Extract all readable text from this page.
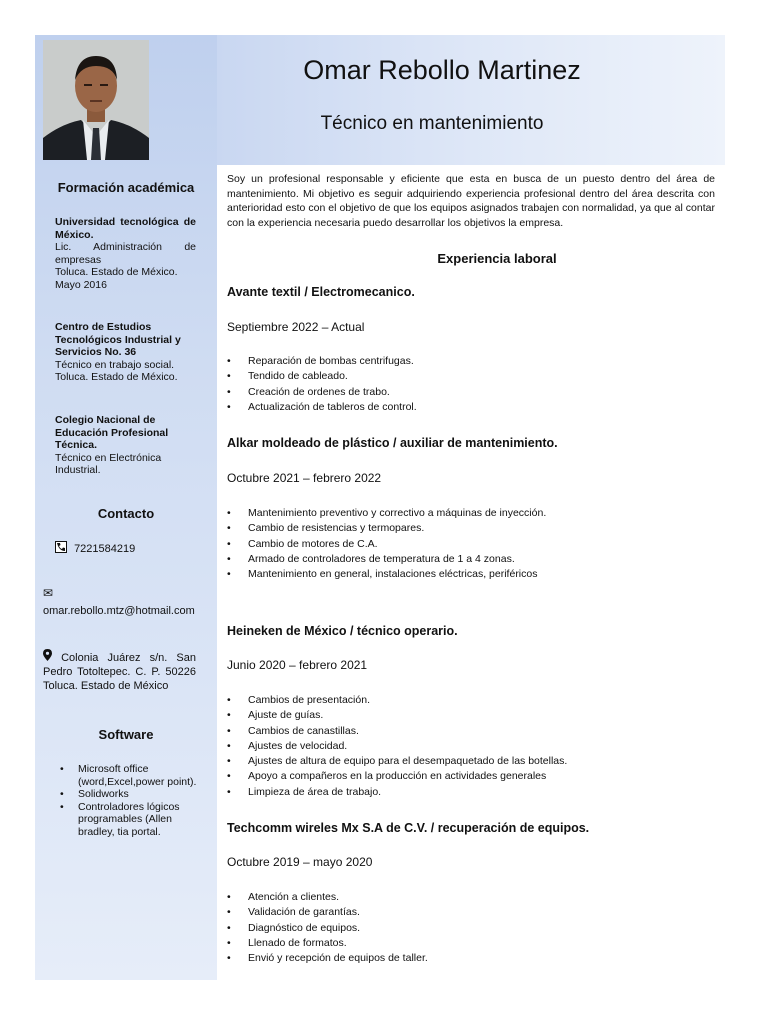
Omar Rebollo Martinez
Técnico en mantenimiento
Formación académica
Universidad tecnológica de México.
Lic. Administración de empresas
Toluca. Estado de México.
Mayo 2016
Centro de Estudios Tecnológicos Industrial y Servicios No. 36
Técnico en trabajo social.
Toluca. Estado de México.
Colegio Nacional de Educación Profesional Técnica.
Técnico en Electrónica Industrial.
Contacto
7221584219
✉
omar.rebollo.mtz@hotmail.com
Colonia Juárez s/n. San Pedro Totoltepec. C. P. 50226 Toluca. Estado de México
Software
• Microsoft office (word,Excel,power point).
• Solidworks
• Controladores lógicos programables (Allen bradley, tia portal.

Soy un profesional responsable y eficiente que esta en busca de un puesto dentro del área de mantenimiento. Mi objetivo es seguir adquiriendo experiencia profesional dentro del área descrita con anterioridad esto con el objetivo de que los equipos asignados trabajen con normalidad, ya que al contar con la experiencia necesaria puedo desarrollar los objetivos la empresa.

Experiencia laboral

Avante textil / Electromecanico.

Septiembre 2022 – Actual

• Reparación de bombas centrifugas.
• Tendido de cableado.
• Creación de ordenes de trabo.
• Actualización de tableros de control.

Alkar moldeado de plástico / auxiliar de mantenimiento.

Octubre 2021 – febrero 2022

• Mantenimiento preventivo y correctivo a máquinas de inyección.
• Cambio de resistencias y termopares.
• Cambio de motores de C.A.
• Armado de controladores de temperatura de 1 a 4 zonas.
• Mantenimiento en general, instalaciones eléctricas, periféricos

Heineken de México / técnico operario.

Junio 2020 – febrero 2021

• Cambios de presentación.
• Ajuste de guías.
• Cambios de canastillas.
• Ajustes de velocidad.
• Ajustes de altura de equipo para el desempaquetado de las botellas.
• Apoyo a compañeros en la producción en actividades generales
• Limpieza de área de trabajo.

Techcomm wireles Mx S.A de C.V. / recuperación de equipos.

Octubre 2019 – mayo 2020

• Atención a clientes.
• Validación de garantías.
• Diagnóstico de equipos.
• Llenado de formatos.
• Envió y recepción de equipos de taller.
